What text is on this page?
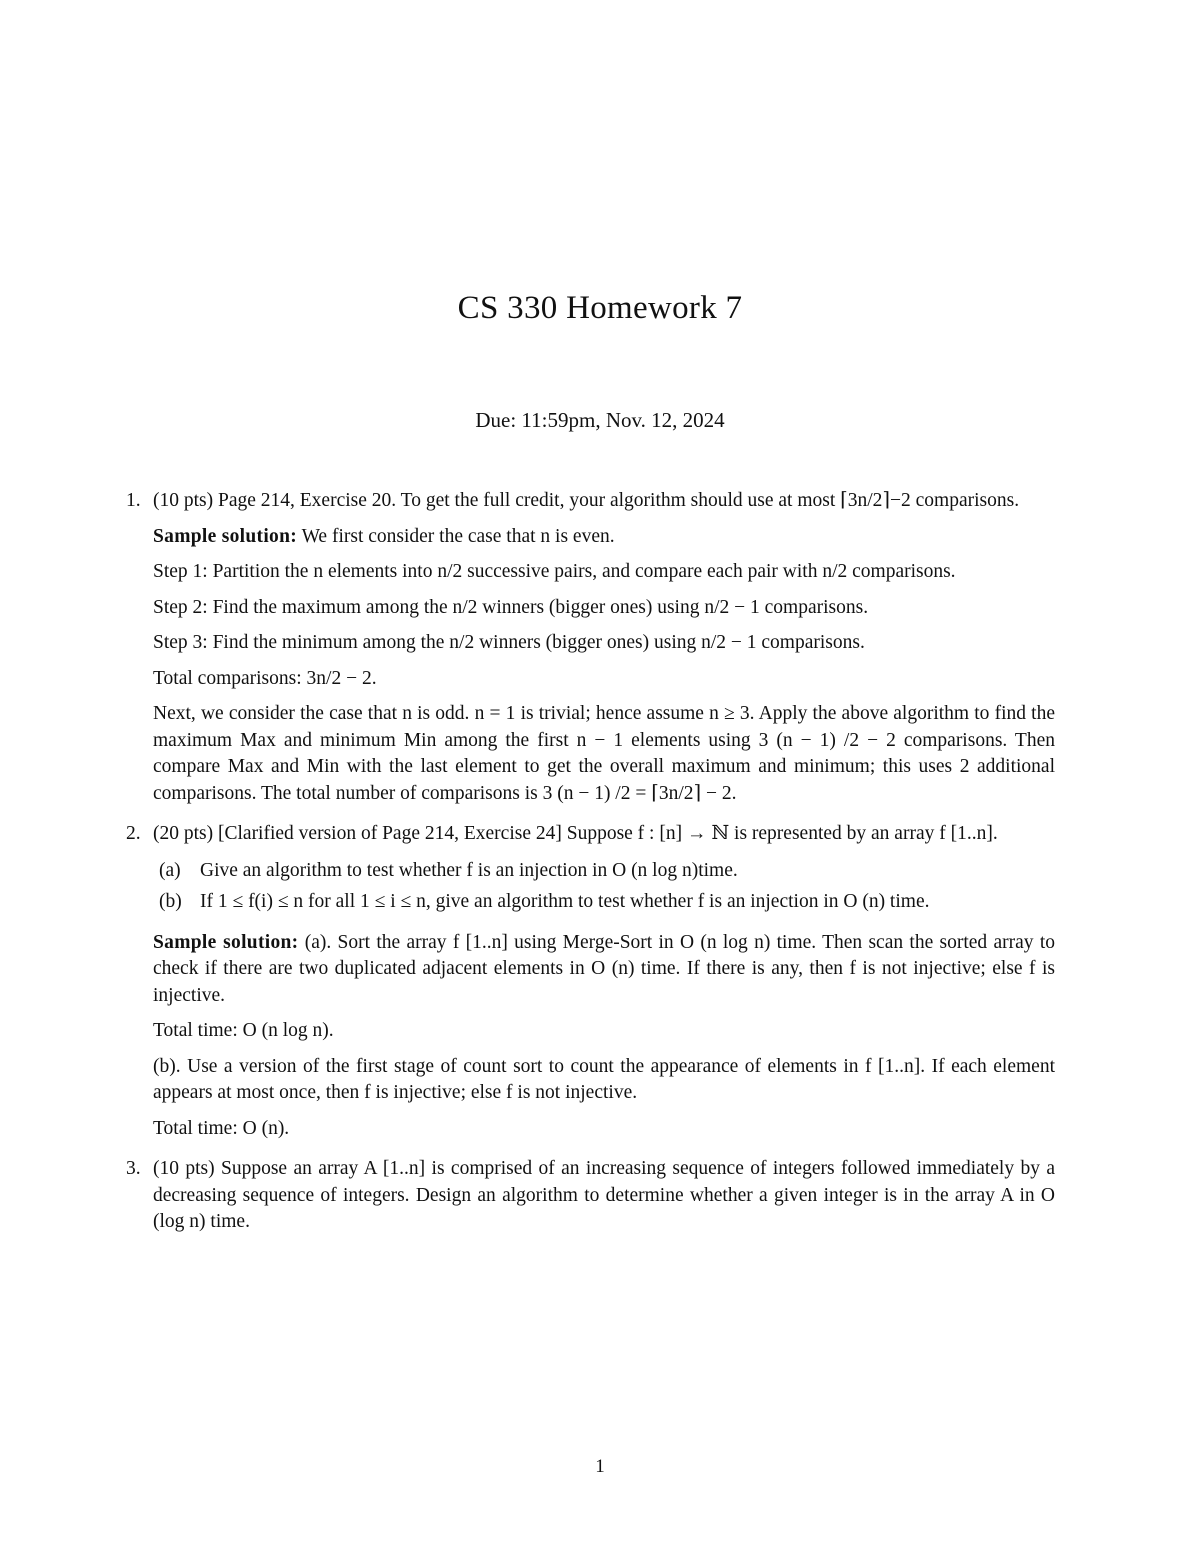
CS 330 Homework 7
Due: 11:59pm, Nov. 12, 2024
1. (10 pts) Page 214, Exercise 20. To get the full credit, your algorithm should use at most ⌈3n/2⌉−2 comparisons.

Sample solution: We first consider the case that n is even.

Step 1: Partition the n elements into n/2 successive pairs, and compare each pair with n/2 comparisons.

Step 2: Find the maximum among the n/2 winners (bigger ones) using n/2 − 1 comparisons.

Step 3: Find the minimum among the n/2 winners (bigger ones) using n/2 − 1 comparisons.

Total comparisons: 3n/2 − 2.

Next, we consider the case that n is odd. n = 1 is trivial; hence assume n ≥ 3. Apply the above algorithm to find the maximum Max and minimum Min among the first n − 1 elements using 3 (n − 1) /2 − 2 comparisons. Then compare Max and Min with the last element to get the overall maximum and minimum; this uses 2 additional comparisons. The total number of comparisons is 3 (n − 1) /2 = ⌈3n/2⌉ − 2.

2. (20 pts) [Clarified version of Page 214, Exercise 24] Suppose f : [n] → ℕ is represented by an array f [1..n].

(a) Give an algorithm to test whether f is an injection in O (n log n)time.
(b) If 1 ≤ f(i) ≤ n for all 1 ≤ i ≤ n, give an algorithm to test whether f is an injection in O (n) time.

Sample solution: (a). Sort the array f [1..n] using Merge-Sort in O (n log n) time. Then scan the sorted array to check if there are two duplicated adjacent elements in O (n) time. If there is any, then f is not injective; else f is injective.

Total time: O (n log n).

(b). Use a version of the first stage of count sort to count the appearance of elements in f [1..n]. If each element appears at most once, then f is injective; else f is not injective.

Total time: O (n).

3. (10 pts) Suppose an array A [1..n] is comprised of an increasing sequence of integers followed immediately by a decreasing sequence of integers. Design an algorithm to determine whether a given integer is in the array A in O (log n) time.

1
